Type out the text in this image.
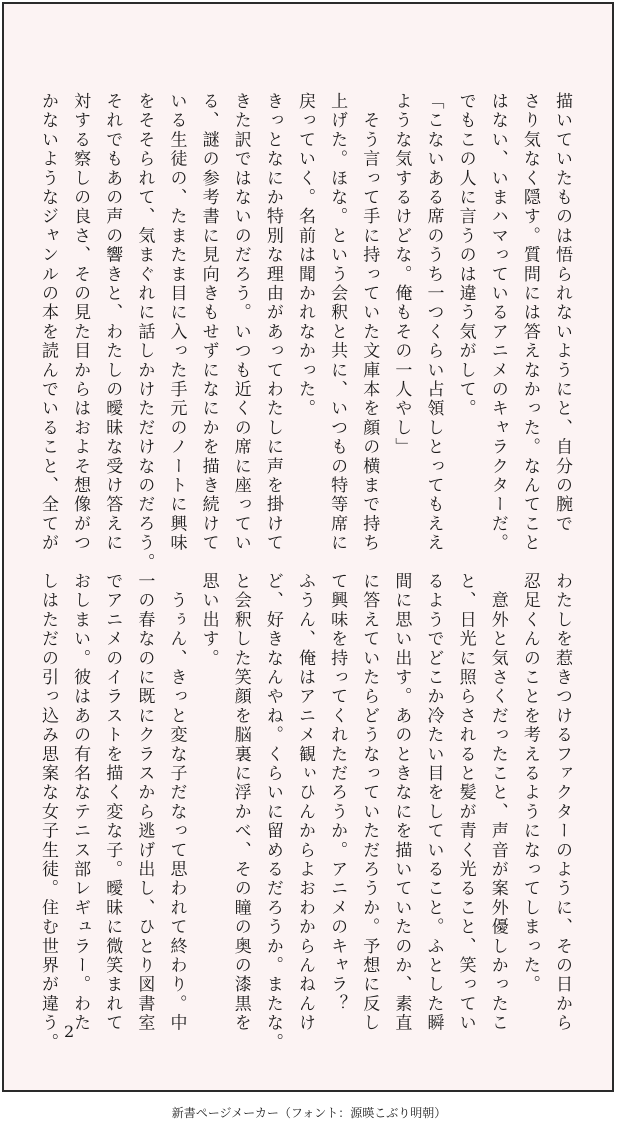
描いていたものは悟られないようにと、自分の腕で

さり気なく隠す。質問には答えなかった。なんてこと

はない、いまハマっているアニメのキャラクターだ。

でもこの人に言うのは違う気がして。

「こないある席のうち一つくらい占領しとってもええ

ような気するけどな。俺もその一人やし」

　そう言って手に持っていた文庫本を顔の横まで持ち

上げた。ほな。という会釈と共に、いつもの特等席に

戻っていく。名前は聞かれなかった。

きっとなにか特別な理由があってわたしに声を掛けて

きた訳ではないのだろう。いつも近くの席に座ってい

る、謎の参考書に見向きもせずになにかを描き続けて

いる生徒の、たまたま目に入った手元のノートに興味

をそそられて、気まぐれに話しかけただけなのだろう。

それでもあの声の響きと、わたしの曖昧な受け答えに

対する察しの良さ、その見た目からはおよそ想像がつ

かないようなジャンルの本を読んでいること、全てが

わたしを惹きつけるファクターのように、その日から

忍足くんのことを考えるようになってしまった。

　意外と気さくだったこと、声音が案外優しかったこ

と、日光に照らされると髪が青く光ること、笑ってい

るようでどこか冷たい目をしていること。ふとした瞬

間に思い出す。あのときなにを描いていたのか、素直

に答えていたらどうなっていただろうか。予想に反し

て興味を持ってくれただろうか。アニメのキャラ？

ふうん、俺はアニメ観ぃひんからよおわからんねんけ

ど、好きなんやね。くらいに留めるだろうか。またな。

と会釈した笑顔を脳裏に浮かべ、その瞳の奥の漆黒を

思い出す。

　うぅん、きっと変な子だなって思われて終わり。中

一の春なのに既にクラスから逃げ出し、ひとり図書室

でアニメのイラストを描く変な子。曖昧に微笑まれて

おしまい。彼はあの有名なテニス部レギュラー。わた

しはただの引っ込み思案な女子生徒。住む世界が違う。 2
新書ページメーカー（フォント：源暎こぶり明朝）
